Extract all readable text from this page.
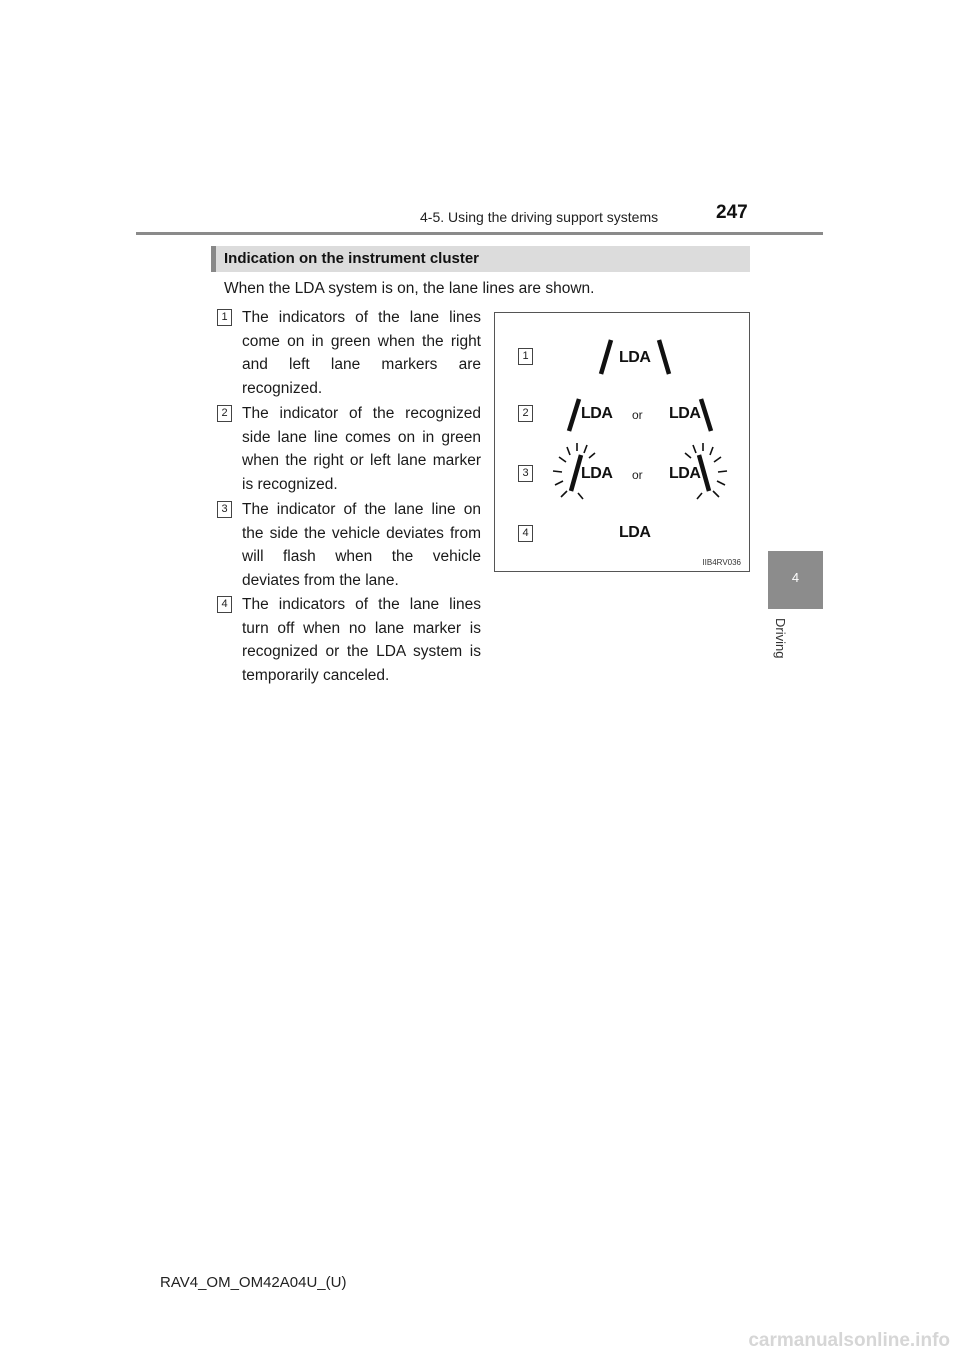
4-5. Using the driving support systems	247
4
Driving
Indication on the instrument cluster
When the LDA system is on, the lane lines are shown.
1 The indicators of the lane lines come on in green when the right and left lane markers are recognized.
2 The indicator of the recognized side lane line comes on in green when the right or left lane marker is recognized.
3 The indicator of the lane line on the side the vehicle deviates from will flash when the vehicle deviates from the lane.
4 The indicators of the lane lines turn off when no lane marker is recognized or the LDA system is temporarily canceled.
1
2
3
4
LDA
LDA or LDA
LDA or LDA
LDA
IIB4RV036
RAV4_OM_OM42A04U_(U)
carmanualsonline.info
